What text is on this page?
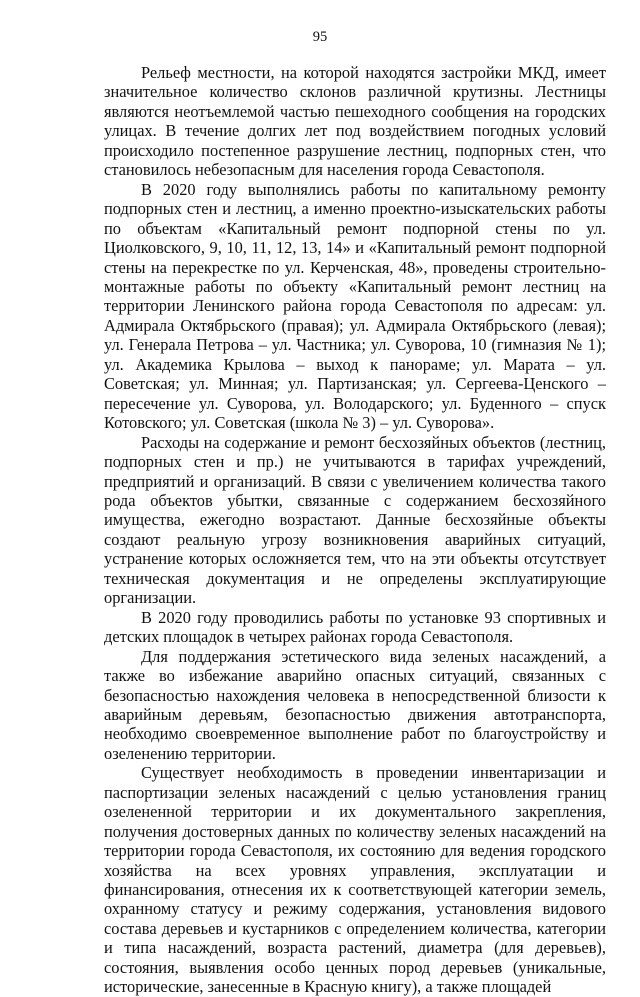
95

Рельеф местности, на которой находятся застройки МКД, имеет значительное количество склонов различной крутизны. Лестницы являются неотъемлемой частью пешеходного сообщения на городских улицах. В течение долгих лет под воздействием погодных условий происходило постепенное разрушение лестниц, подпорных стен, что становилось небезопасным для населения города Севастополя.

В 2020 году выполнялись работы по капитальному ремонту подпорных стен и лестниц, а именно проектно-изыскательских работы по объектам «Капитальный ремонт подпорной стены по ул. Циолковского, 9, 10, 11, 12, 13, 14» и «Капитальный ремонт подпорной стены на перекрестке по ул. Керченская, 48», проведены строительно-монтажные работы по объекту «Капитальный ремонт лестниц на территории Ленинского района города Севастополя по адресам: ул. Адмирала Октябрьского (правая); ул. Адмирала Октябрьского (левая); ул. Генерала Петрова – ул. Частника; ул. Суворова, 10 (гимназия № 1); ул. Академика Крылова – выход к панораме; ул. Марата – ул. Советская; ул. Минная; ул. Партизанская; ул. Сергеева-Ценского – пересечение ул. Суворова, ул. Володарского; ул. Буденного – спуск Котовского; ул. Советская (школа № 3) – ул. Суворова».

Расходы на содержание и ремонт бесхозяйных объектов (лестниц, подпорных стен и пр.) не учитываются в тарифах учреждений, предприятий и организаций. В связи с увеличением количества такого рода объектов убытки, связанные с содержанием бесхозяйного имущества, ежегодно возрастают. Данные бесхозяйные объекты создают реальную угрозу возникновения аварийных ситуаций, устранение которых осложняется тем, что на эти объекты отсутствует техническая документация и не определены эксплуатирующие организации.

В 2020 году проводились работы по установке 93 спортивных и детских площадок в четырех районах города Севастополя.

Для поддержания эстетического вида зеленых насаждений, а также во избежание аварийно опасных ситуаций, связанных с безопасностью нахождения человека в непосредственной близости к аварийным деревьям, безопасностью движения автотранспорта, необходимо своевременное выполнение работ по благоустройству и озеленению территории.

Существует необходимость в проведении инвентаризации и паспортизации зеленых насаждений с целью установления границ озелененной территории и их документального закрепления, получения достоверных данных по количеству зеленых насаждений на территории города Севастополя, их состоянию для ведения городского хозяйства на всех уровнях управления, эксплуатации и финансирования, отнесения их к соответствующей категории земель, охранному статусу и режиму содержания, установления видового состава деревьев и кустарников с определением количества, категории и типа насаждений, возраста растений, диаметра (для деревьев), состояния, выявления особо ценных пород деревьев (уникальные, исторические, занесенные в Красную книгу), а также площадей
